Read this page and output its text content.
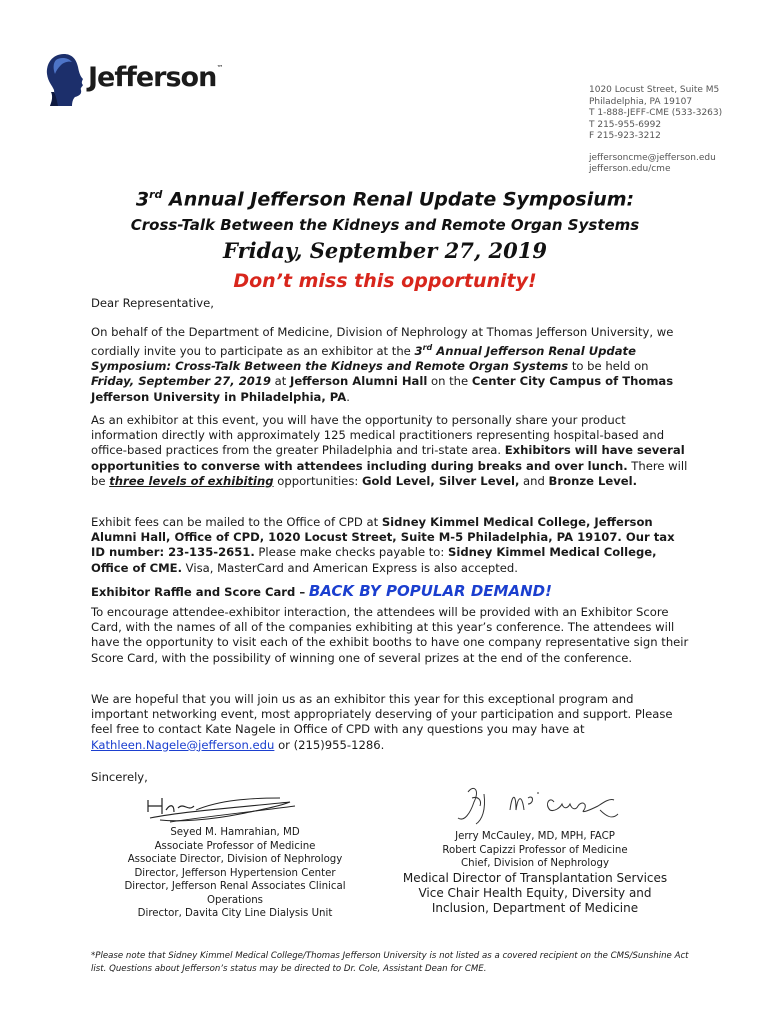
Jefferson™
1020 Locust Street, Suite M5
Philadelphia, PA 19107
T 1-888-JEFF-CME (533-3263)
T 215-955-6992
F 215-923-3212
jeffersoncme@jefferson.edu
jefferson.edu/cme
3rd Annual Jefferson Renal Update Symposium:
Cross-Talk Between the Kidneys and Remote Organ Systems
Friday, September 27, 2019
Don’t miss this opportunity!
Dear Representative,
On behalf of the Department of Medicine, Division of Nephrology at Thomas Jefferson University, we cordially invite you to participate as an exhibitor at the 3rd Annual Jefferson Renal Update Symposium: Cross-Talk Between the Kidneys and Remote Organ Systems to be held on Friday, September 27, 2019 at Jefferson Alumni Hall on the Center City Campus of Thomas Jefferson University in Philadelphia, PA.
As an exhibitor at this event, you will have the opportunity to personally share your product information directly with approximately 125 medical practitioners representing hospital-based and office-based practices from the greater Philadelphia and tri-state area. Exhibitors will have several opportunities to converse with attendees including during breaks and over lunch. There will be three levels of exhibiting opportunities: Gold Level, Silver Level, and Bronze Level.
Exhibit fees can be mailed to the Office of CPD at Sidney Kimmel Medical College, Jefferson Alumni Hall, Office of CPD, 1020 Locust Street, Suite M-5 Philadelphia, PA 19107. Our tax ID number: 23-135-2651. Please make checks payable to: Sidney Kimmel Medical College, Office of CME. Visa, MasterCard and American Express is also accepted.
Exhibitor Raffle and Score Card – BACK BY POPULAR DEMAND!
To encourage attendee-exhibitor interaction, the attendees will be provided with an Exhibitor Score Card, with the names of all of the companies exhibiting at this year’s conference. The attendees will have the opportunity to visit each of the exhibit booths to have one company representative sign their Score Card, with the possibility of winning one of several prizes at the end of the conference.
We are hopeful that you will join us as an exhibitor this year for this exceptional program and important networking event, most appropriately deserving of your participation and support. Please feel free to contact Kate Nagele in Office of CPD with any questions you may have at Kathleen.Nagele@jefferson.edu or (215)955-1286.
Sincerely,
Seyed M. Hamrahian, MD
Associate Professor of Medicine
Associate Director, Division of Nephrology
Director, Jefferson Hypertension Center
Director, Jefferson Renal Associates Clinical Operations
Director, Davita City Line Dialysis Unit
Jerry McCauley, MD, MPH, FACP
Robert Capizzi Professor of Medicine
Chief, Division of Nephrology
Medical Director of Transplantation Services
Vice Chair Health Equity, Diversity and Inclusion, Department of Medicine
*Please note that Sidney Kimmel Medical College/Thomas Jefferson University is not listed as a covered recipient on the CMS/Sunshine Act list. Questions about Jefferson’s status may be directed to Dr. Cole, Assistant Dean for CME.
